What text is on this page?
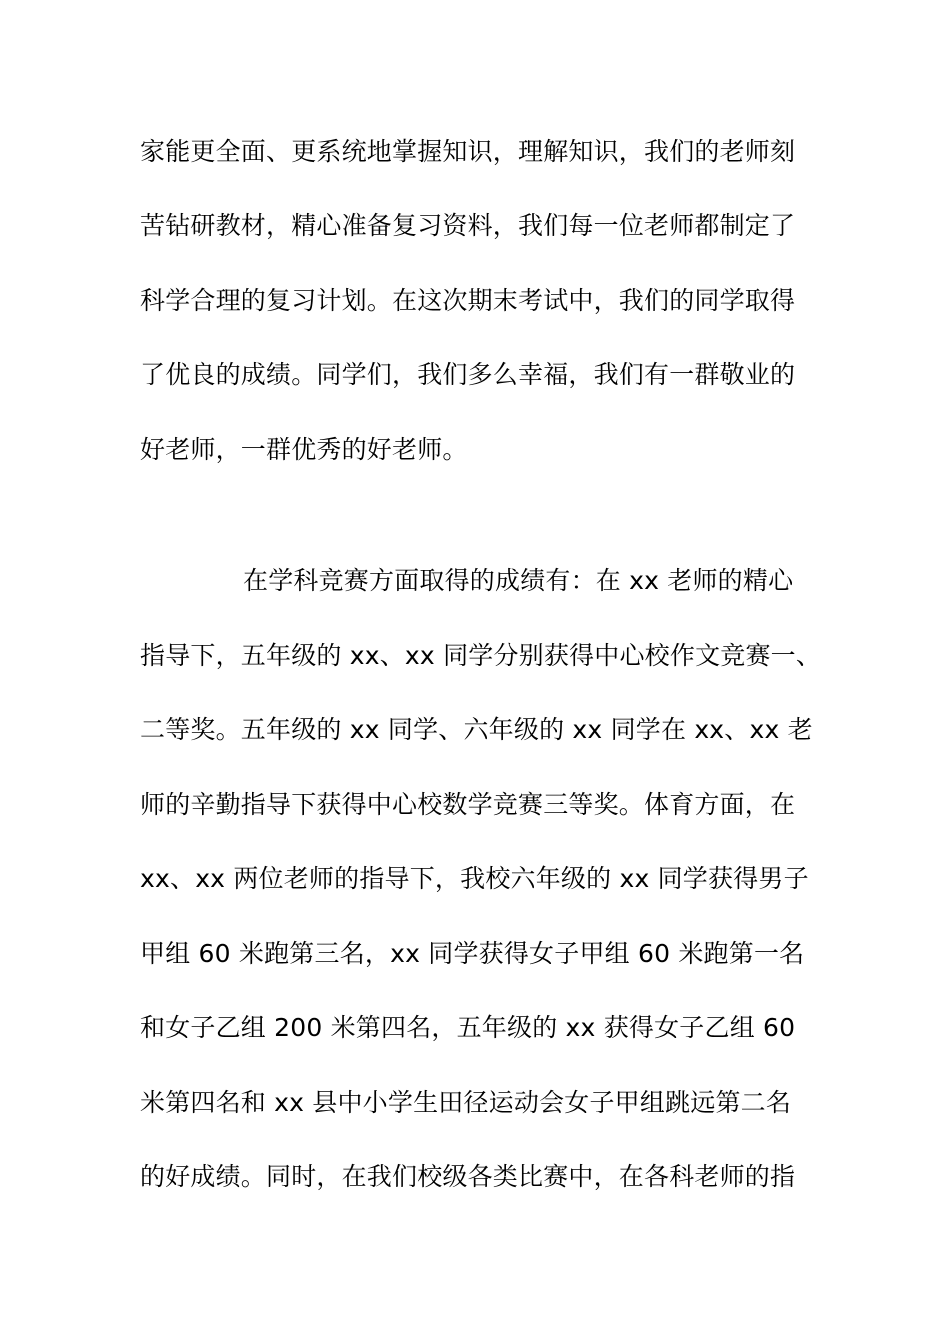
家能更全面、更系统地掌握知识，理解知识，我们的老师刻
苦钻研教材，精心准备复习资料，我们每一位老师都制定了
科学合理的复习计划。在这次期末考试中，我们的同学取得
了优良的成绩。同学们，我们多么幸福，我们有一群敬业的
好老师，一群优秀的好老师。
在学科竞赛方面取得的成绩有：在 xx 老师的精心
指导下，五年级的 xx、xx 同学分别获得中心校作文竞赛一、
二等奖。五年级的 xx 同学、六年级的 xx 同学在 xx、xx 老
师的辛勤指导下获得中心校数学竞赛三等奖。体育方面，在
xx、xx 两位老师的指导下，我校六年级的 xx 同学获得男子
甲组 60 米跑第三名，xx 同学获得女子甲组 60 米跑第一名
和女子乙组 200 米第四名，五年级的 xx 获得女子乙组 60
米第四名和 xx 县中小学生田径运动会女子甲组跳远第二名
的好成绩。同时，在我们校级各类比赛中，在各科老师的指
